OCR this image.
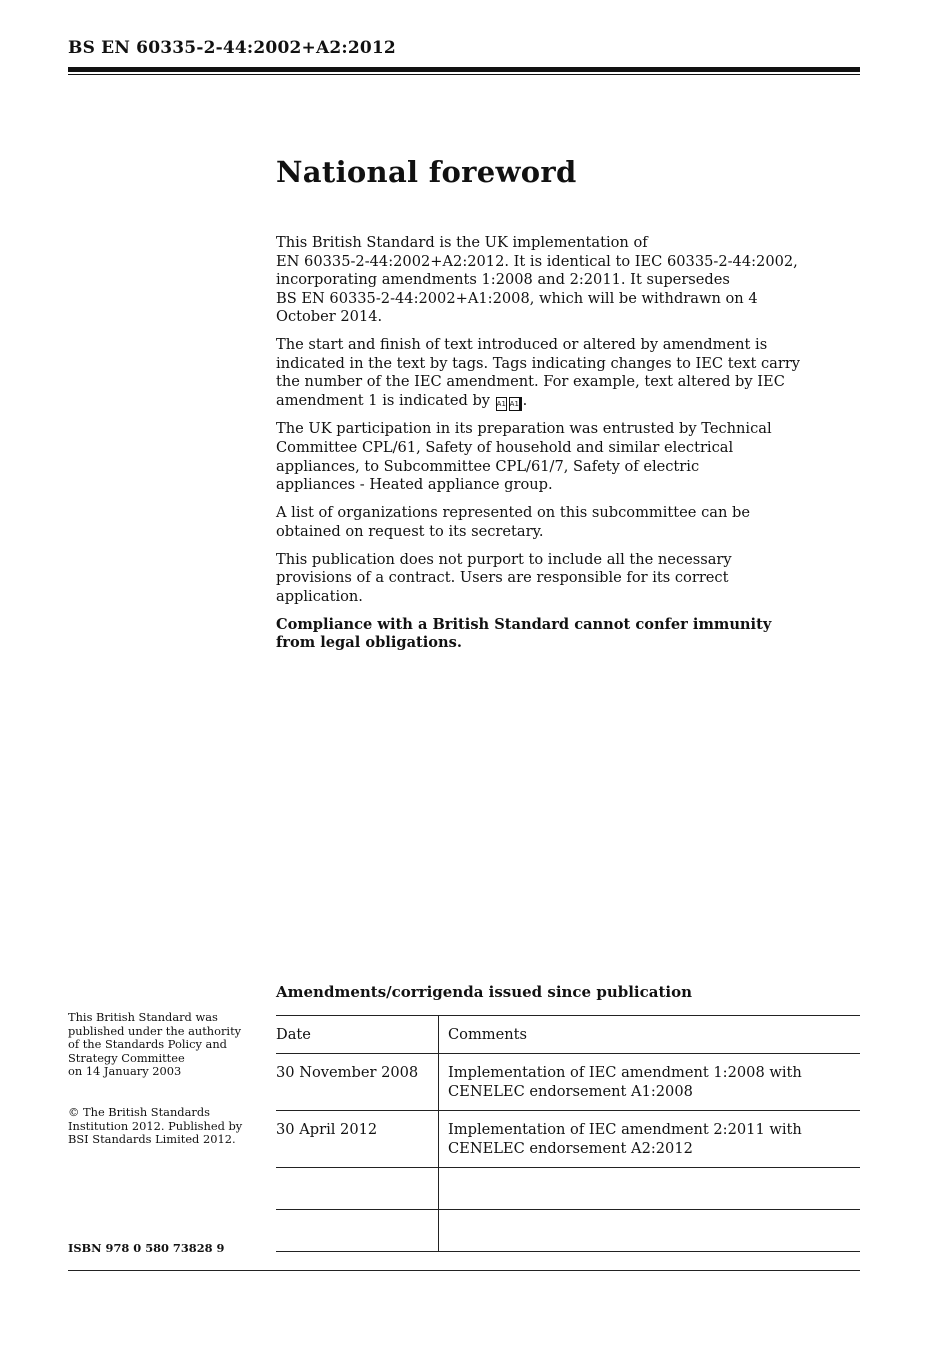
BS EN 60335-2-44:2002+A2:2012
National foreword

This British Standard is the UK implementation of
EN 60335-2-44:2002+A2:2012. It is identical to IEC 60335-2-44:2002,
incorporating amendments 1:2008 and 2:2011. It supersedes
BS EN 60335-2-44:2002+A1:2008, which will be withdrawn on 4
October 2014.

The start and finish of text introduced or altered by amendment is
indicated in the text by tags. Tags indicating changes to IEC text carry
the number of the IEC amendment. For example, text altered by IEC
amendment 1 is indicated by A1 A1 .

The UK participation in its preparation was entrusted by Technical
Committee CPL/61, Safety of household and similar electrical
appliances, to Subcommittee CPL/61/7, Safety of electric
appliances - Heated appliance group.

A list of organizations represented on this subcommittee can be
obtained on request to its secretary.

This publication does not purport to include all the necessary
provisions of a contract. Users are responsible for its correct
application.

Compliance with a British Standard cannot confer immunity
from legal obligations.

This British Standard was
published under the authority
of the Standards Policy and
Strategy Committee
on 14 January 2003

© The British Standards
Institution 2012. Published by
BSI Standards Limited 2012.

ISBN 978 0 580 73828 9
Amendments/corrigenda issued since publication
Date	Comments
30 November 2008	Implementation of IEC amendment 1:2008 with
CENELEC endorsement A1:2008
30 April 2012	Implementation of IEC amendment 2:2011 with
CENELEC endorsement A2:2012
